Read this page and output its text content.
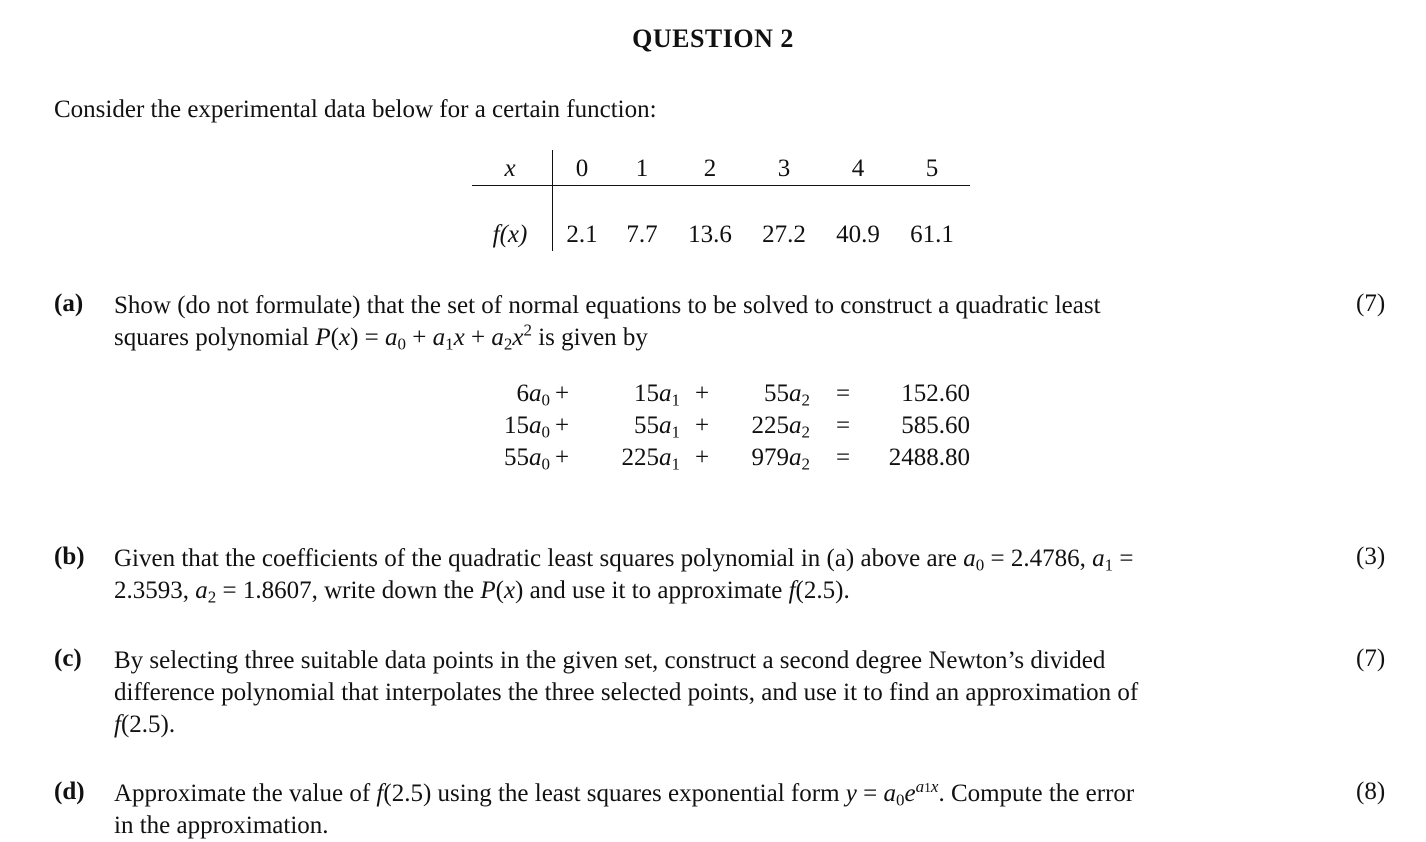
QUESTION 2
Consider the experimental data below for a certain function:
x 0 1 2 3 4 5
f(x) 2.1 7.7 13.6 27.2 40.9 61.1
(a) Show (do not formulate) that the set of normal equations to be solved to construct a quadratic least
squares polynomial $P(x) = a_0 + a_1x + a_2x^2$ is given by
(7)
$6a_0$ +	$15a_1$ +	$55a_2$ =	152.60
$15a_0$ +	$55a_1$ +	$225a_2$ =	585.60
$55a_0$ +	$225a_1$ +	$979a_2$ =	2488.80
(b) Given that the coefficients of the quadratic least squares polynomial in (a) above are $a_0 = 2.4786$, $a_1$ =
2.3593, $a_2 = 1.8607$, write down the P(x) and use it to approximate f(2.5).
(3)
(c) By selecting three suitable data points in the given set, construct a second degree Newton’s divided
difference polynomial that interpolates the three selected points, and use it to find an approximation of
f(2.5).
(7)
(d) Approximate the value of f(2.5) using the least squares exponential form $y = a_0e^{a1x}$. Compute the error
in the approximation.
(8)
